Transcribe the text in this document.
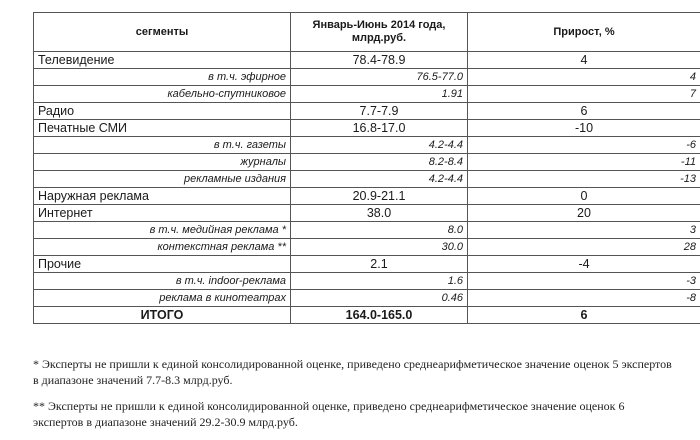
сегменты	Январь-Июнь 2014 года, млрд.руб.	Прирост, %
Телевидение	78.4-78.9	4
в т.ч. эфирное	76.5-77.0	4
кабельно-спутниковое	1.91	7
Радио	7.7-7.9	6
Печатные СМИ	16.8-17.0	-10
в т.ч. газеты	4.2-4.4	-6
журналы	8.2-8.4	-11
рекламные издания	4.2-4.4	-13
Наружная реклама	20.9-21.1	0
Интернет	38.0	20
в т.ч. медийная реклама *	8.0	3
контекстная реклама **	30.0	28
Прочие	2.1	-4
в т.ч. indoor-реклама	1.6	-3
реклама в кинотеатрах	0.46	-8
ИТОГО	164.0-165.0	6

* Эксперты не пришли к единой консолидированной оценке, приведено среднеарифметическое значение оценок 5 экспертов в диапазоне значений 7.7-8.3 млрд.руб.

** Эксперты не пришли к единой консолидированной оценке, приведено среднеарифметическое значение оценок 6 экспертов в диапазоне значений 29.2-30.9 млрд.руб.
